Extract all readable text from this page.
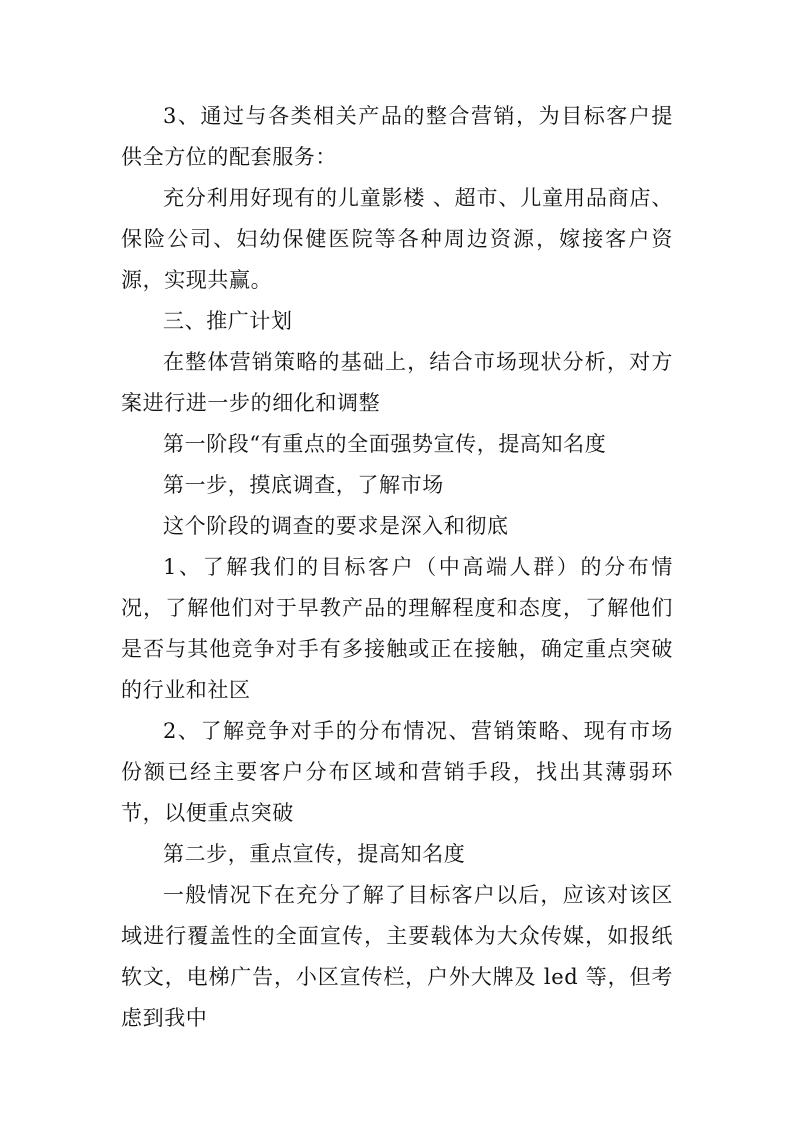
3、通过与各类相关产品的整合营销，为目标客户提供全方位的配套服务：

充分利用好现有的儿童影楼 、超市、儿童用品商店、保险公司、妇幼保健医院等各种周边资源，嫁接客户资源，实现共赢。

三、推广计划

在整体营销策略的基础上，结合市场现状分析，对方案进行进一步的细化和调整

第一阶段“有重点的全面强势宣传，提高知名度

第一步，摸底调查，了解市场

这个阶段的调查的要求是深入和彻底

1、了解我们的目标客户（中高端人群）的分布情况，了解他们对于早教产品的理解程度和态度，了解他们是否与其他竞争对手有多接触或正在接触，确定重点突破的行业和社区

2、了解竞争对手的分布情况、营销策略、现有市场份额已经主要客户分布区域和营销手段，找出其薄弱环节，以便重点突破

第二步，重点宣传，提高知名度

一般情况下在充分了解了目标客户以后，应该对该区域进行覆盖性的全面宣传，主要载体为大众传媒，如报纸软文，电梯广告，小区宣传栏，户外大牌及 led 等，但考虑到我中
